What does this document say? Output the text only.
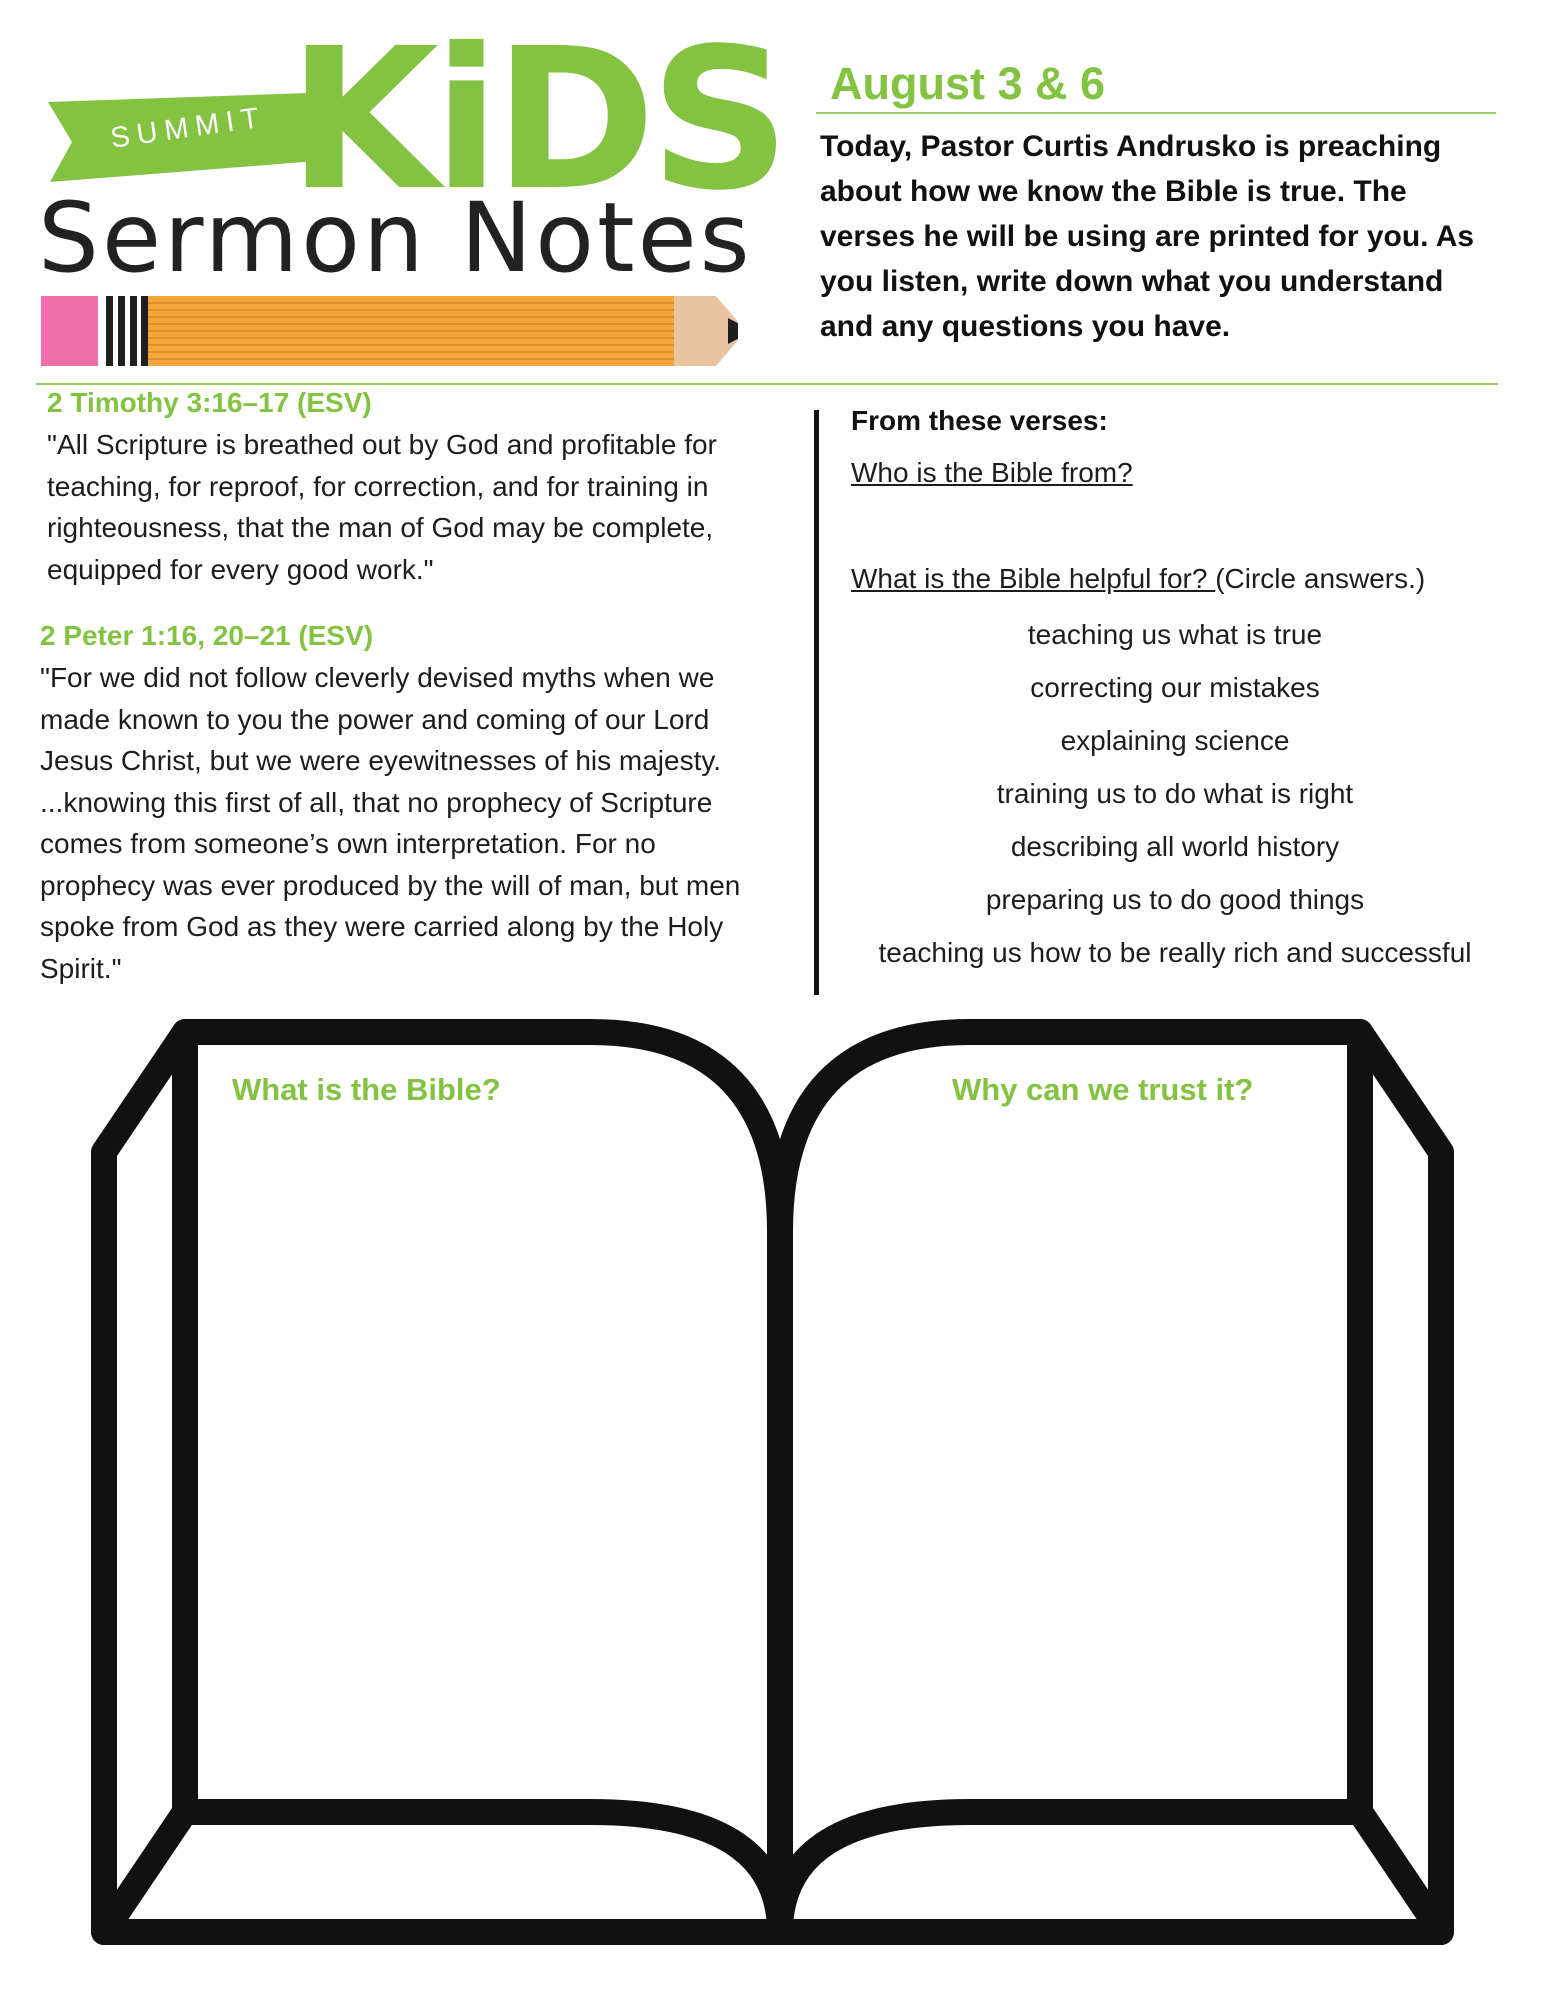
SUMMIT KiDS
Sermon Notes
August 3 & 6
Today, Pastor Curtis Andrusko is preaching about how we know the Bible is true. The verses he will be using are printed for you. As you listen, write down what you understand and any questions you have.
2 Timothy 3:16–17 (ESV)
"All Scripture is breathed out by God and profitable for
teaching, for reproof, for correction, and for training in
righteousness, that the man of God may be complete,
equipped for every good work."
2 Peter 1:16, 20–21 (ESV)
"For we did not follow cleverly devised myths when we
made known to you the power and coming of our Lord
Jesus Christ, but we were eyewitnesses of his majesty.
...knowing this first of all, that no prophecy of Scripture
comes from someone’s own interpretation. For no
prophecy was ever produced by the will of man, but men
spoke from God as they were carried along by the Holy
Spirit."
From these verses:
Who is the Bible from?
What is the Bible helpful for? (Circle answers.)
teaching us what is true
correcting our mistakes
explaining science
training us to do what is right
describing all world history
preparing us to do good things
teaching us how to be really rich and successful
What is the Bible?	Why can we trust it?
